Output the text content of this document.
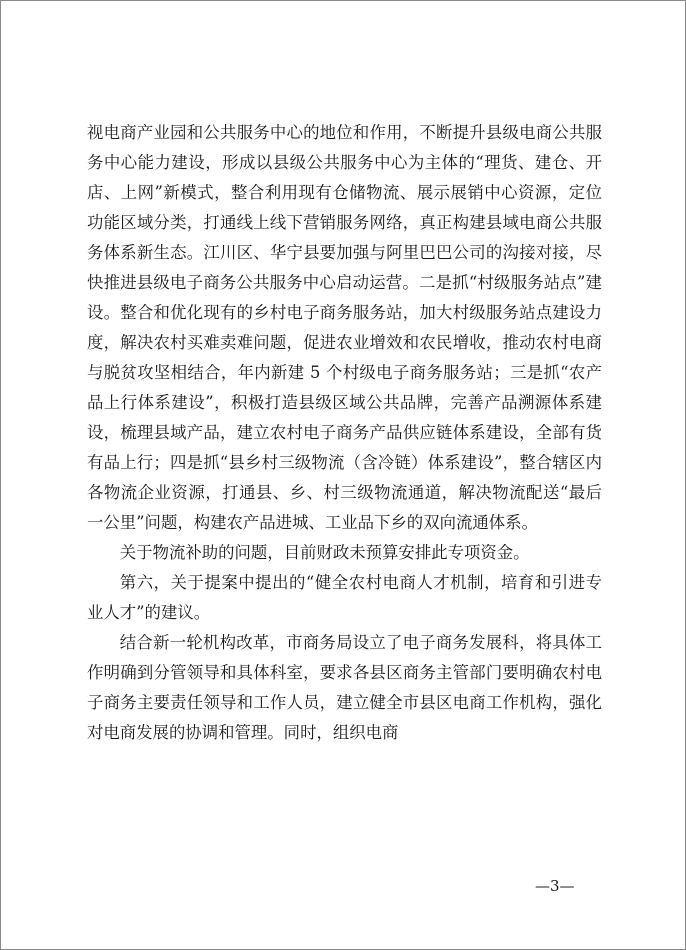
视电商产业园和公共服务中心的地位和作用，不断提升县级电商公共服务中心能力建设，形成以县级公共服务中心为主体的“理货、建仓、开店、上网”新模式，整合利用现有仓储物流、展示展销中心资源，定位功能区域分类，打通线上线下营销服务网络，真正构建县域电商公共服务体系新生态。江川区、华宁县要加强与阿里巴巴公司的沟接对接，尽快推进县级电子商务公共服务中心启动运营。二是抓“村级服务站点”建设。整合和优化现有的乡村电子商务服务站，加大村级服务站点建设力度，解决农村买难卖难问题，促进农业增效和农民增收，推动农村电商与脱贫攻坚相结合，年内新建 5 个村级电子商务服务站；三是抓“农产品上行体系建设”，积极打造县级区域公共品牌，完善产品溯源体系建设，梳理县域产品，建立农村电子商务产品供应链体系建设，全部有货有品上行；四是抓“县乡村三级物流（含冷链）体系建设”，整合辖区内各物流企业资源，打通县、乡、村三级物流通道，解决物流配送“最后一公里”问题，构建农产品进城、工业品下乡的双向流通体系。

关于物流补助的问题，目前财政未预算安排此专项资金。

第六，关于提案中提出的“健全农村电商人才机制，培育和引进专业人才”的建议。

结合新一轮机构改革，市商务局设立了电子商务发展科，将具体工作明确到分管领导和具体科室，要求各县区商务主管部门要明确农村电子商务主要责任领导和工作人员，建立健全市县区电商工作机构，强化对电商发展的协调和管理。同时，组织电商

—3—
